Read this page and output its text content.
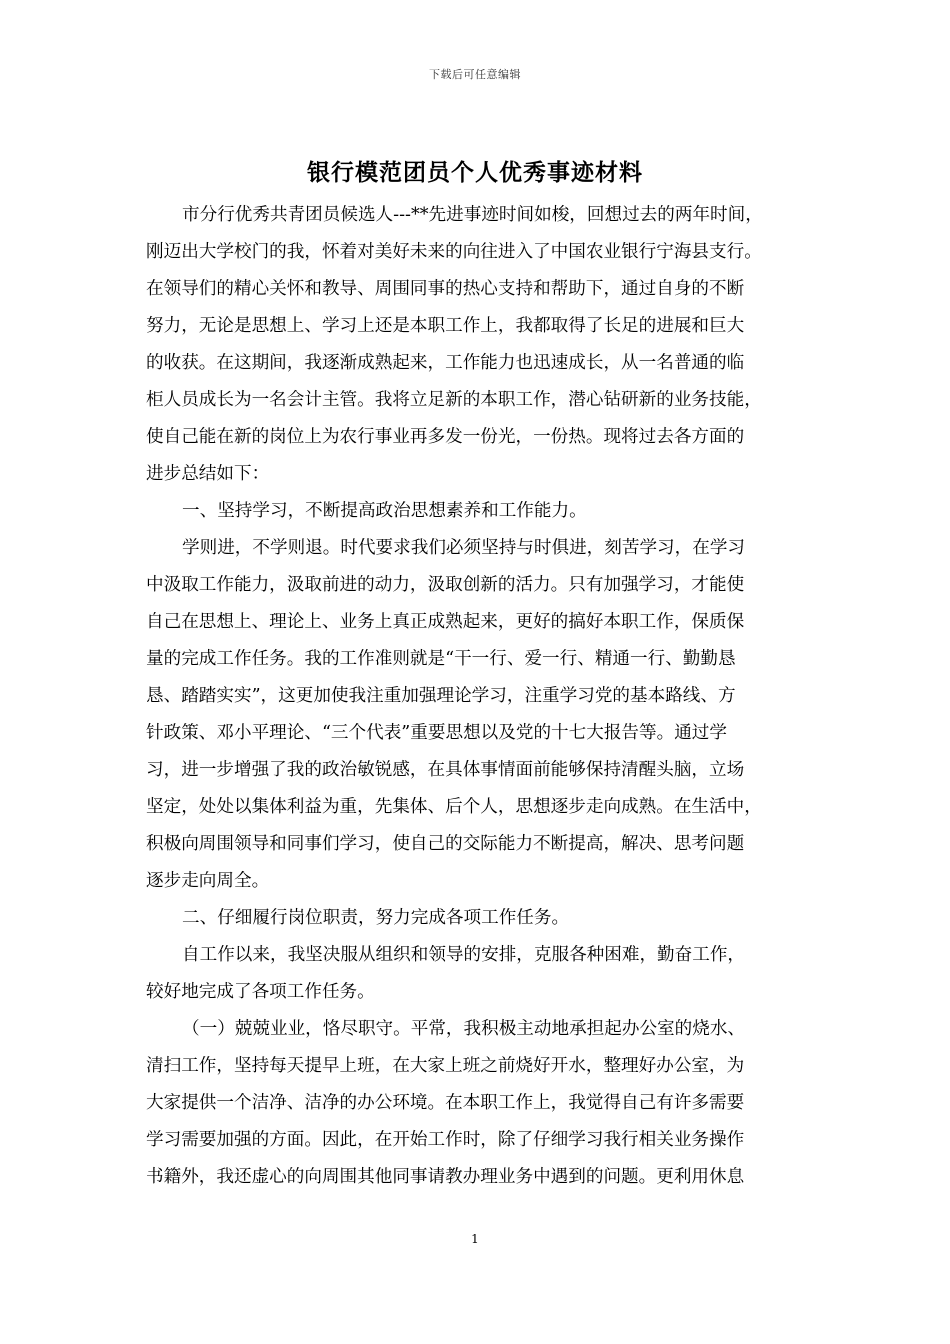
下载后可任意编辑
银行模范团员个人优秀事迹材料
市分行优秀共青团员候选人---**先进事迹时间如梭，回想过去的两年时间，
刚迈出大学校门的我，怀着对美好未来的向往进入了中国农业银行宁海县支行。
在领导们的精心关怀和教导、周围同事的热心支持和帮助下，通过自身的不断
努力，无论是思想上、学习上还是本职工作上，我都取得了长足的进展和巨大
的收获。在这期间，我逐渐成熟起来，工作能力也迅速成长，从一名普通的临
柜人员成长为一名会计主管。我将立足新的本职工作，潜心钻研新的业务技能，
使自己能在新的岗位上为农行事业再多发一份光，一份热。现将过去各方面的
进步总结如下：
一、坚持学习，不断提高政治思想素养和工作能力。
学则进，不学则退。时代要求我们必须坚持与时俱进，刻苦学习，在学习
中汲取工作能力，汲取前进的动力，汲取创新的活力。只有加强学习，才能使
自己在思想上、理论上、业务上真正成熟起来，更好的搞好本职工作，保质保
量的完成工作任务。我的工作准则就是“干一行、爱一行、精通一行、勤勤恳
恳、踏踏实实”，这更加使我注重加强理论学习，注重学习党的基本路线、方
针政策、邓小平理论、“三个代表”重要思想以及党的十七大报告等。通过学
习，进一步增强了我的政治敏锐感，在具体事情面前能够保持清醒头脑，立场
坚定，处处以集体利益为重，先集体、后个人，思想逐步走向成熟。在生活中，
积极向周围领导和同事们学习，使自己的交际能力不断提高，解决、思考问题
逐步走向周全。
二、仔细履行岗位职责，努力完成各项工作任务。
自工作以来，我坚决服从组织和领导的安排，克服各种困难，勤奋工作，
较好地完成了各项工作任务。
（一）兢兢业业，恪尽职守。平常，我积极主动地承担起办公室的烧水、
清扫工作，坚持每天提早上班，在大家上班之前烧好开水，整理好办公室，为
大家提供一个洁净、洁净的办公环境。在本职工作上，我觉得自己有许多需要
学习需要加强的方面。因此，在开始工作时，除了仔细学习我行相关业务操作
书籍外，我还虚心的向周围其他同事请教办理业务中遇到的问题。更利用休息
1
